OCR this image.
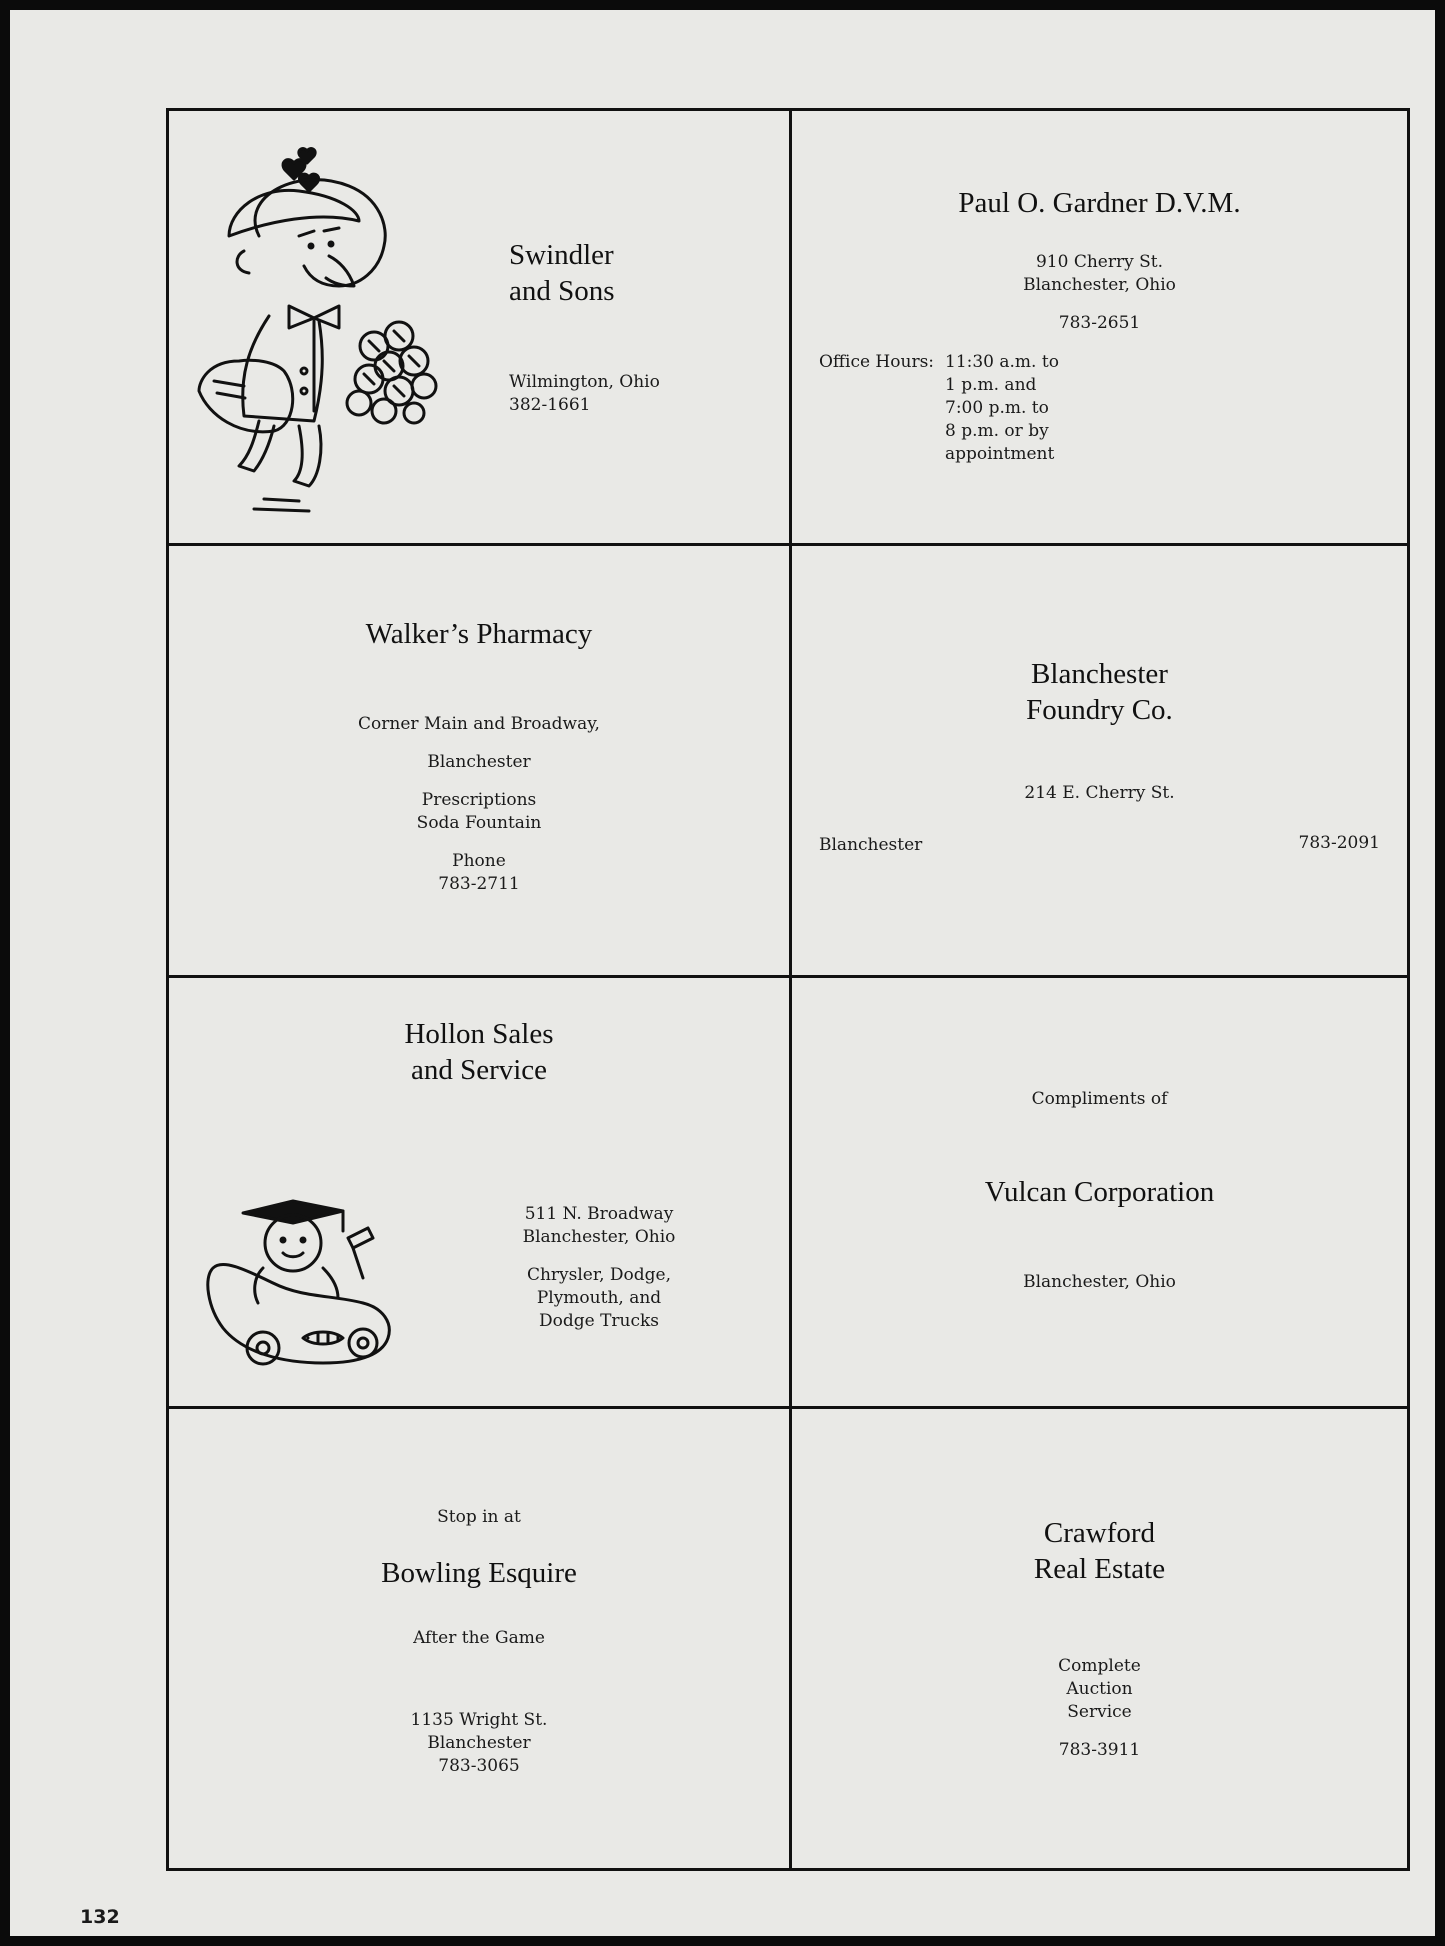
Swindler
and Sons
Wilmington, Ohio
382-1661
Paul O. Gardner D.V.M.
910 Cherry St.
Blanchester, Ohio
783-2651
Office Hours: 11:30 a.m. to
1 p.m. and
7:00 p.m. to
8 p.m. or by
appointment
Walker’s Pharmacy
Corner Main and Broadway,
Blanchester
Prescriptions
Soda Fountain
Phone
783-2711
Blanchester
Foundry Co.
214 E. Cherry St.
Blanchester	783-2091
Hollon Sales
and Service
511 N. Broadway
Blanchester, Ohio
Chrysler, Dodge,
Plymouth, and
Dodge Trucks
Compliments of
Vulcan Corporation
Blanchester, Ohio
Stop in at
Bowling Esquire
After the Game
1135 Wright St.
Blanchester
783-3065
Crawford
Real Estate
Complete
Auction
Service
783-3911
132
